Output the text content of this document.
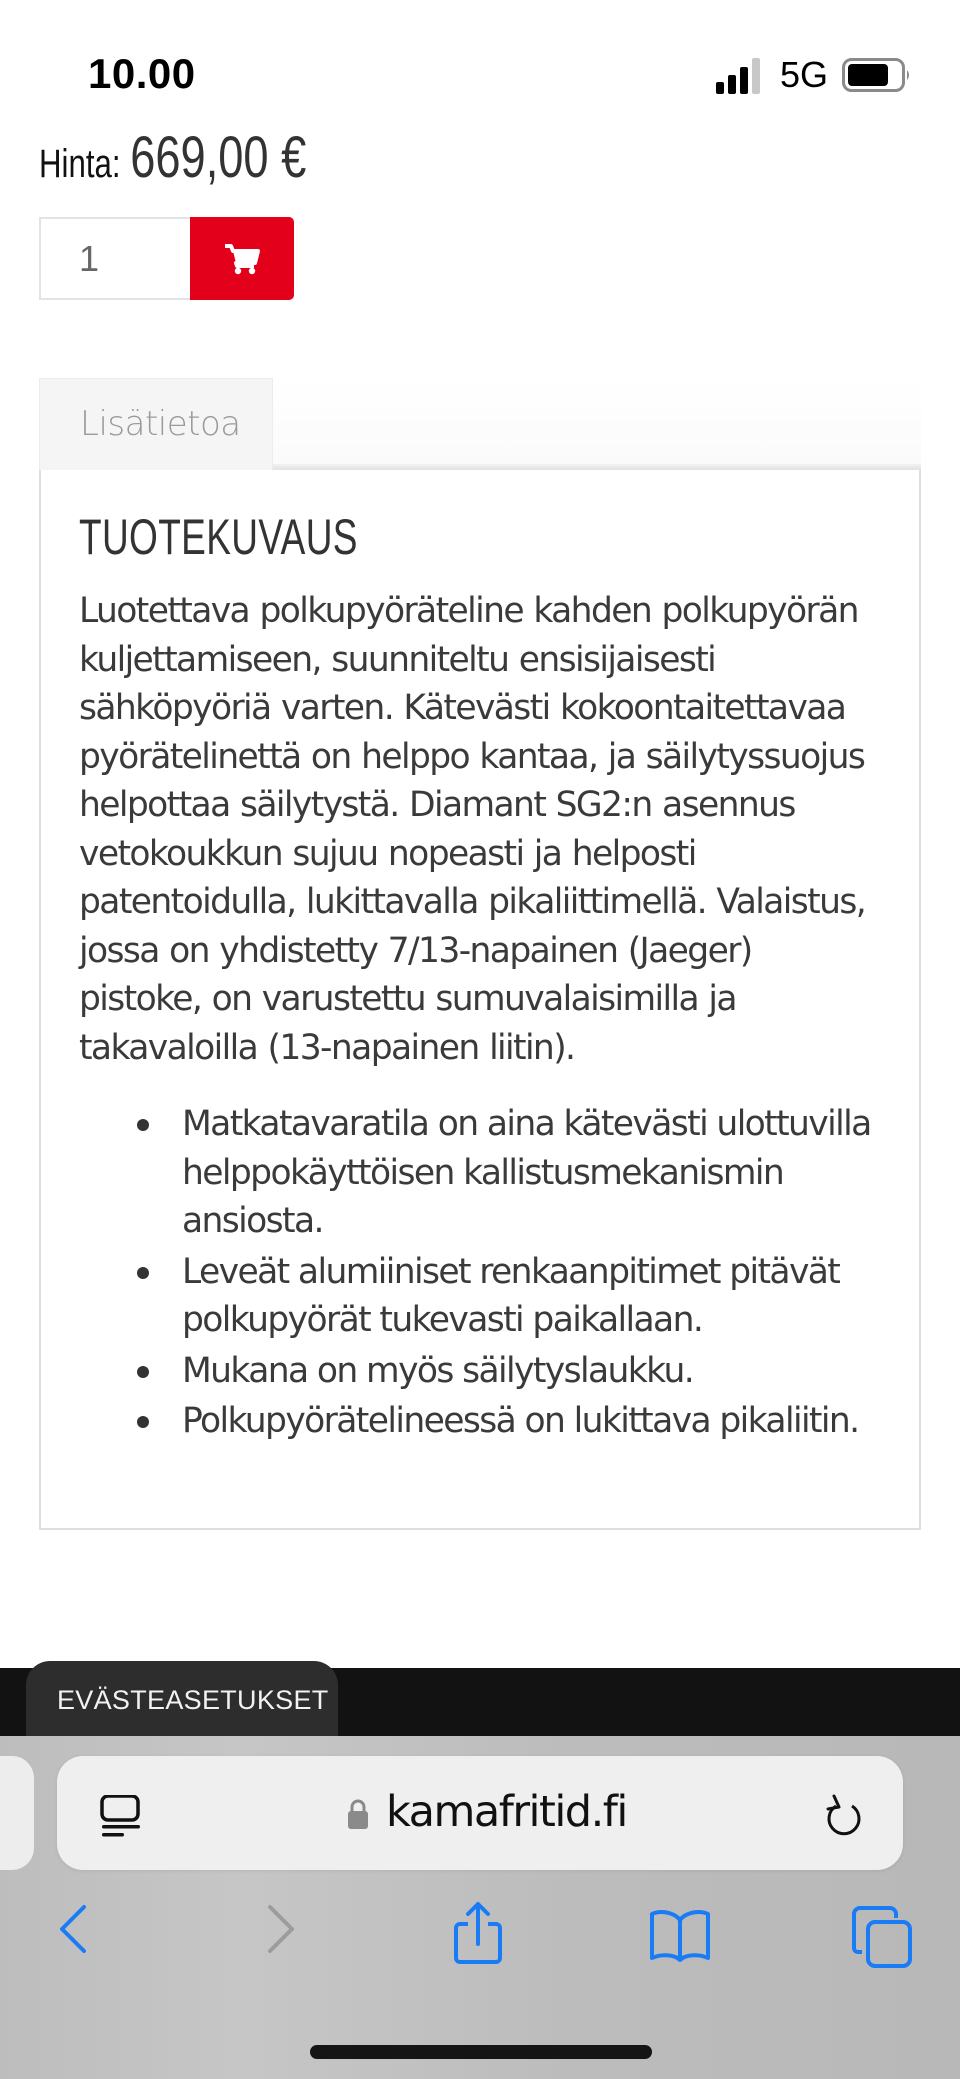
10.00	5G
Hinta: 669,00 €
1
Lisätietoa
TUOTEKUVAUS
Luotettava polkupyöräteline kahden polkupyörän
kuljettamiseen, suunniteltu ensisijaisesti
sähköpyöriä varten. Kätevästi kokoontaitettavaa
pyörätelinettä on helppo kantaa, ja säilytyssuojus
helpottaa säilytystä. Diamant SG2:n asennus
vetokoukkun sujuu nopeasti ja helposti
patentoidulla, lukittavalla pikaliittimellä. Valaistus,
jossa on yhdistetty 7/13-napainen (Jaeger)
pistoke, on varustettu sumuvalaisimilla ja
takavaloilla (13-napainen liitin).
Matkatavaratila on aina kätevästi ulottuvilla
helppokäyttöisen kallistusmekanismin
ansiosta.
Leveät alumiiniset renkaanpitimet pitävät
polkupyörät tukevasti paikallaan.
Mukana on myös säilytyslaukku.
Polkupyörätelineessä on lukittava pikaliitin.
EVÄSTEASETUKSET
kamafritid.fi
